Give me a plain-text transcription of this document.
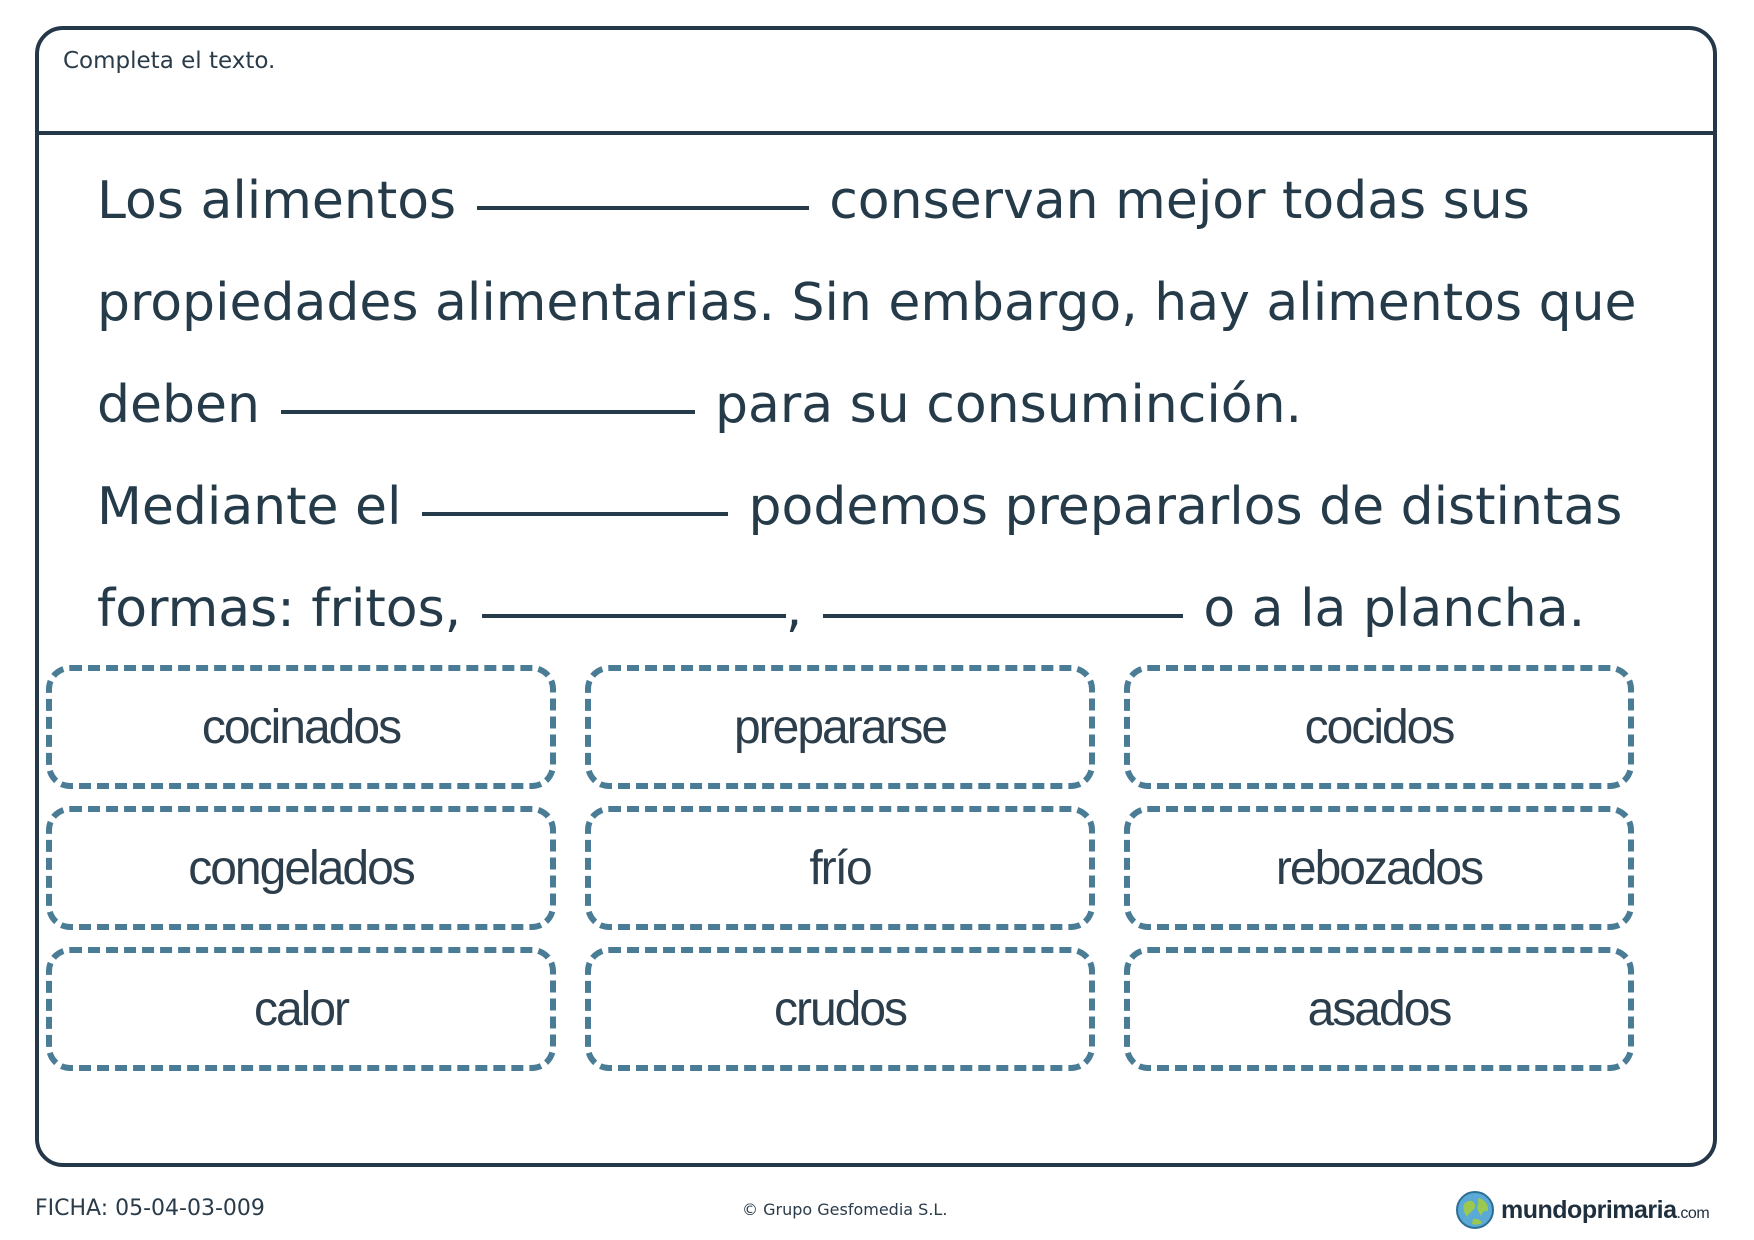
Completa el texto.
Los alimentos	conservan mejor todas sus
propiedades alimentarias. Sin embargo, hay alimentos que
deben	para su consuminción.
Mediante el	podemos prepararlos de distintas
formas: fritos,	,	o a la plancha.
cocinados	prepararse	cocidos
congelados	frío	rebozados
calor	crudos	asados
FICHA: 05-04-03-009	© Grupo Gesfomedia S.L.	mundoprimaria.com
